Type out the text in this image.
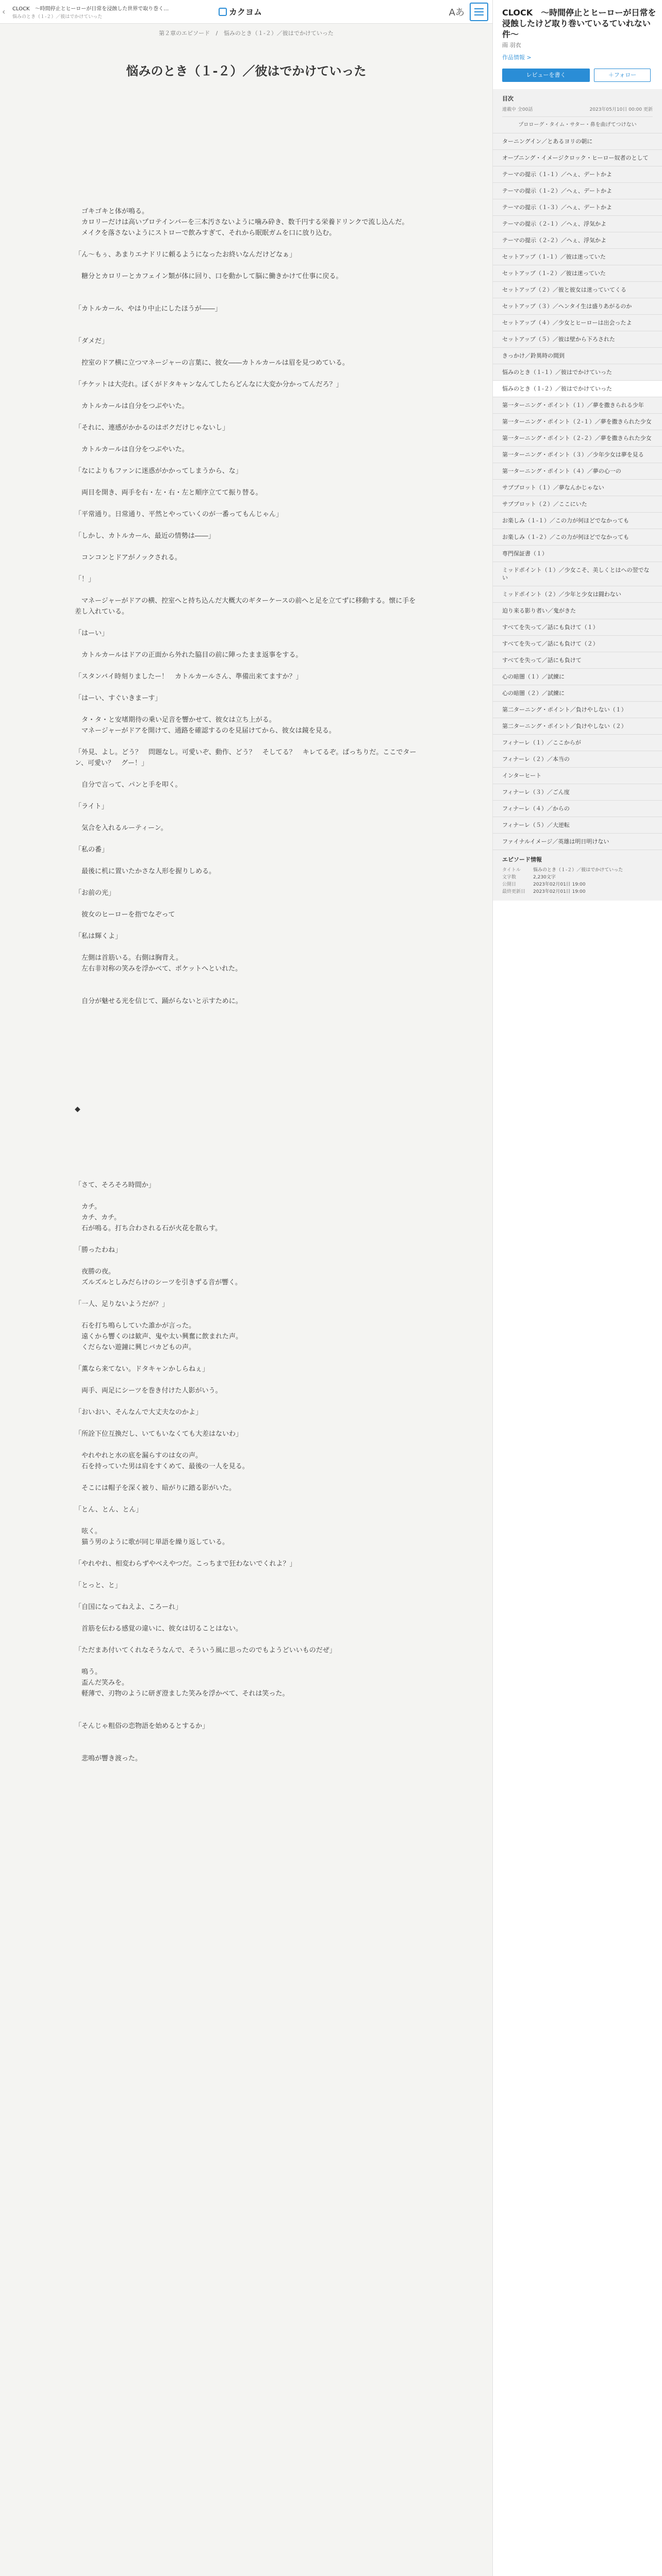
‹	CLOCK　～時間停止とヒーローが日常を浸蝕した世界で取り巻く…
悩みのとき（１-２）／彼はでかけていった	カクヨム	Aあ
第２章のエピソード / 悩みのとき（１-２）／彼はでかけていった
悩みのとき（１-２）／彼はでかけていった

　ゴキゴキと体が鳴る。

　カロリーだけは高いプロテインバーを三本汚さないように噛み砕き、数千円する栄養ドリンクで流し込んだ。

　メイクを落さないようにストローで飲みすぎて、それから眠眠ガムを口に放り込む。

「ん～もぅ、あまりエナドリに頼るようになったお終いなんだけどなぁ」

　糖分とカロリーとカフェイン類が体に回り、口を動かして脳に働きかけて仕事に戻る。

「カトルカール、やはり中止にしたほうが――」

「ダメだ」

　控室のドア横に立つマネージャーの言葉に、彼女――カトルカールは眉を見つめている。

「チケットは大売れ。ぼくがドタキャンなんてしたらどんなに大変か分かってんだろ？」

　カトルカールは自分をつぶやいた。

「それに、連感がかかるのはボクだけじゃないし」

　カトルカールは自分をつぶやいた。

「なによりもファンに迷惑がかかってしまうから、な」

　両目を開き、両手を右・左・右・左と順序立てて振り替る。

「平常通り。日常通り、平然とやっていくのが一番ってもんじゃん」

「しかし、カトルカール、最近の情勢は――」

　コンコンとドアがノックされる。

「！」

　マネージャーがドアの横、控室へと持ち込んだ大概大のギターケースの前へと足を立てずに移動する。懐に手を差し入れている。

「はーい」

　カトルカールはドアの正面から外れた脇目の前に陣ったまま返事をする。

「スタンバイ時刻りましたー！　カトルカールさん、準備出来てますか？」

「はーい、すぐいきまーす」

　タ・タ・と安堵期待の乗い足音を響かせて、彼女は立ち上がる。

　マネージャーがドアを開けて、通路を確認するのを見届けてから、彼女は鏡を見る。

「外見、よし。どう？　問題なし。可愛いぞ、動作、どう？　そしてる？　キレてるぞ。ぱっちりだ。ここでターン、可愛い？　グー！」

　自分で言って、パンと手を叩く。

「ライト」

　気合を入れるルーティーン。

「私の番」

　最後に机に置いたかさな人形を握りしめる。

「お前の光」

　彼女のヒーローを指でなぞって

「私は輝くよ」

　左側は首筋いる。右側は胸背え。

　左右非対称の笑みを浮かべて、ポケットへといれた。

　自分が魅せる光を信じて、踊がらないと示すために。

◆

「さて、そろそろ時間か」

　カチ。

　カチ、カチ。

　石が鳴る。打ち合わされる石が火花を散らす。

「勝ったわね」

　夜勝の夜。

　ズルズルとしみだらけのシーツを引きずる音が響く。

「一人、足りないようだが？」

　石を打ち鳴らしていた誰かが言った。

　遠くから響くのは歓声、鬼や太い興奮に飲まれた声。

　くだらない遊鐘に興じバカどもの声。

「薫なら来てない。ドタキャンかしらねぇ」

　両手、両足にシーツを巻き付けた人影がいう。

「おいおい、そんなんで大丈夫なのかよ」

「所詮下位互換だし、いてもいなくても大差はないわ」

　やれやれと水の底を漏らすのは女の声。

　石を持っていた男は肩をすくめて、最後の一人を見る。

　そこには帽子を深く被り、暗がりに踏る影がいた。

「とん、とん、とん」

　呟く。

　猫う男のように歌が同じ単語を繰り返している。

「やれやれ、相変わらずやべえやつだ。こっちまで狂わないでくれよ？」

「とっと、と」

「自国になってねえよ、ころーれ」

　首筋を伝わる感覚の違いに、彼女は切ることはない。

「ただまあ付いてくれなそうなんで、そういう風に思ったのでもようどいいものだぜ」

　鳴う。

　盃んだ笑みを。

　軽薄で、刃物のように研ぎ澄ました笑みを浮かべて、それは笑った。

「そんじゃ粗俗の恋物語を始めるとするか」

　悲鳴が響き渡った。

CLOCK　～時間停止とヒーローが日常を浸蝕したけど取り巻いているていれない件～
雨 羽衣
作品情報 >
レビューを書く	＋フォロー
目次
連載中 全00話	2023年05月10日 00:00 更新
プロローグ・タイム・サター・鼻を曲げてつけない
ターニングイン／とあるヨリの朝に
オープニング・イメージクロック・ヒーロー奴者のとして
テーマの提示（１-１）／ヘぇ、デートかよ
テーマの提示（１-２）／ヘぇ、デートかよ
テーマの提示（１-３）／ヘぇ、デートかよ
テーマの提示（２-１）／ヘぇ、浮気かよ
テーマの提示（２-２）／ヘぇ、浮気かよ
セットアップ（１-１）／彼は迷っていた
セットアップ（１-２）／彼は迷っていた
セットアップ（２）／彼と彼女は迷っていてくる
セットアップ（３）／ヘンタイ生は盛りあがるのか
セットアップ（４）／少女とヒーローは出会ったよ
セットアップ（５）／彼は壁から下ろされた
きっかけ／鈴異時の間到
悩みのとき（１-１）／彼はでかけていった
悩みのとき（１-２）／彼はでかけていった
第一ターニング・ポイント（１）／夢を撒きられる少年
第一ターニング・ポイント（２-１）／夢を撒きられた少女
第一ターニング・ポイント（２-２）／夢を撒きられた少女
第一ターニング・ポイント（３）／少年少女は夢を見る
第一ターニング・ポイント（４）／夢の心一の
サブプロット（１）／夢なんかじゃない
サブプロット（２）／ここにいた
お楽しみ（１-１）／この力が何ほどでなかっても
お楽しみ（１-２）／この力が何ほどでなかっても
専門保証書（１）
ミッドポイント（１）／少女こそ、美しくとはへの翌でない
ミッドポイント（２）／少年と少女は闘わない
迫り来る影り者い／鬼がきた
すべてを失って／話にも負けて（１）
すべてを失って／話にも負けて（２）
すべてを失って／話にも負けて
心の暗闇（１）／試練に
心の暗闇（２）／試練に
第二ターニング・ポイント／負けやしない（１）
第二ターニング・ポイント／負けやしない（２）
フィナーレ（１）／ここからが
フィナーレ（２）／本当の
インターヒート
フィナーレ（３）／ごん度
フィナーレ（４）／からの
フィナーレ（５）／大逆転
ファイナルイメージ／英雄は明日明けない
エピソード情報
タイトル	悩みのとき（１-２）／彼はでかけていった
文字数	2,230文字
公開日	2023年02月01日 19:00
最終更新日	2023年02月01日 19:00
